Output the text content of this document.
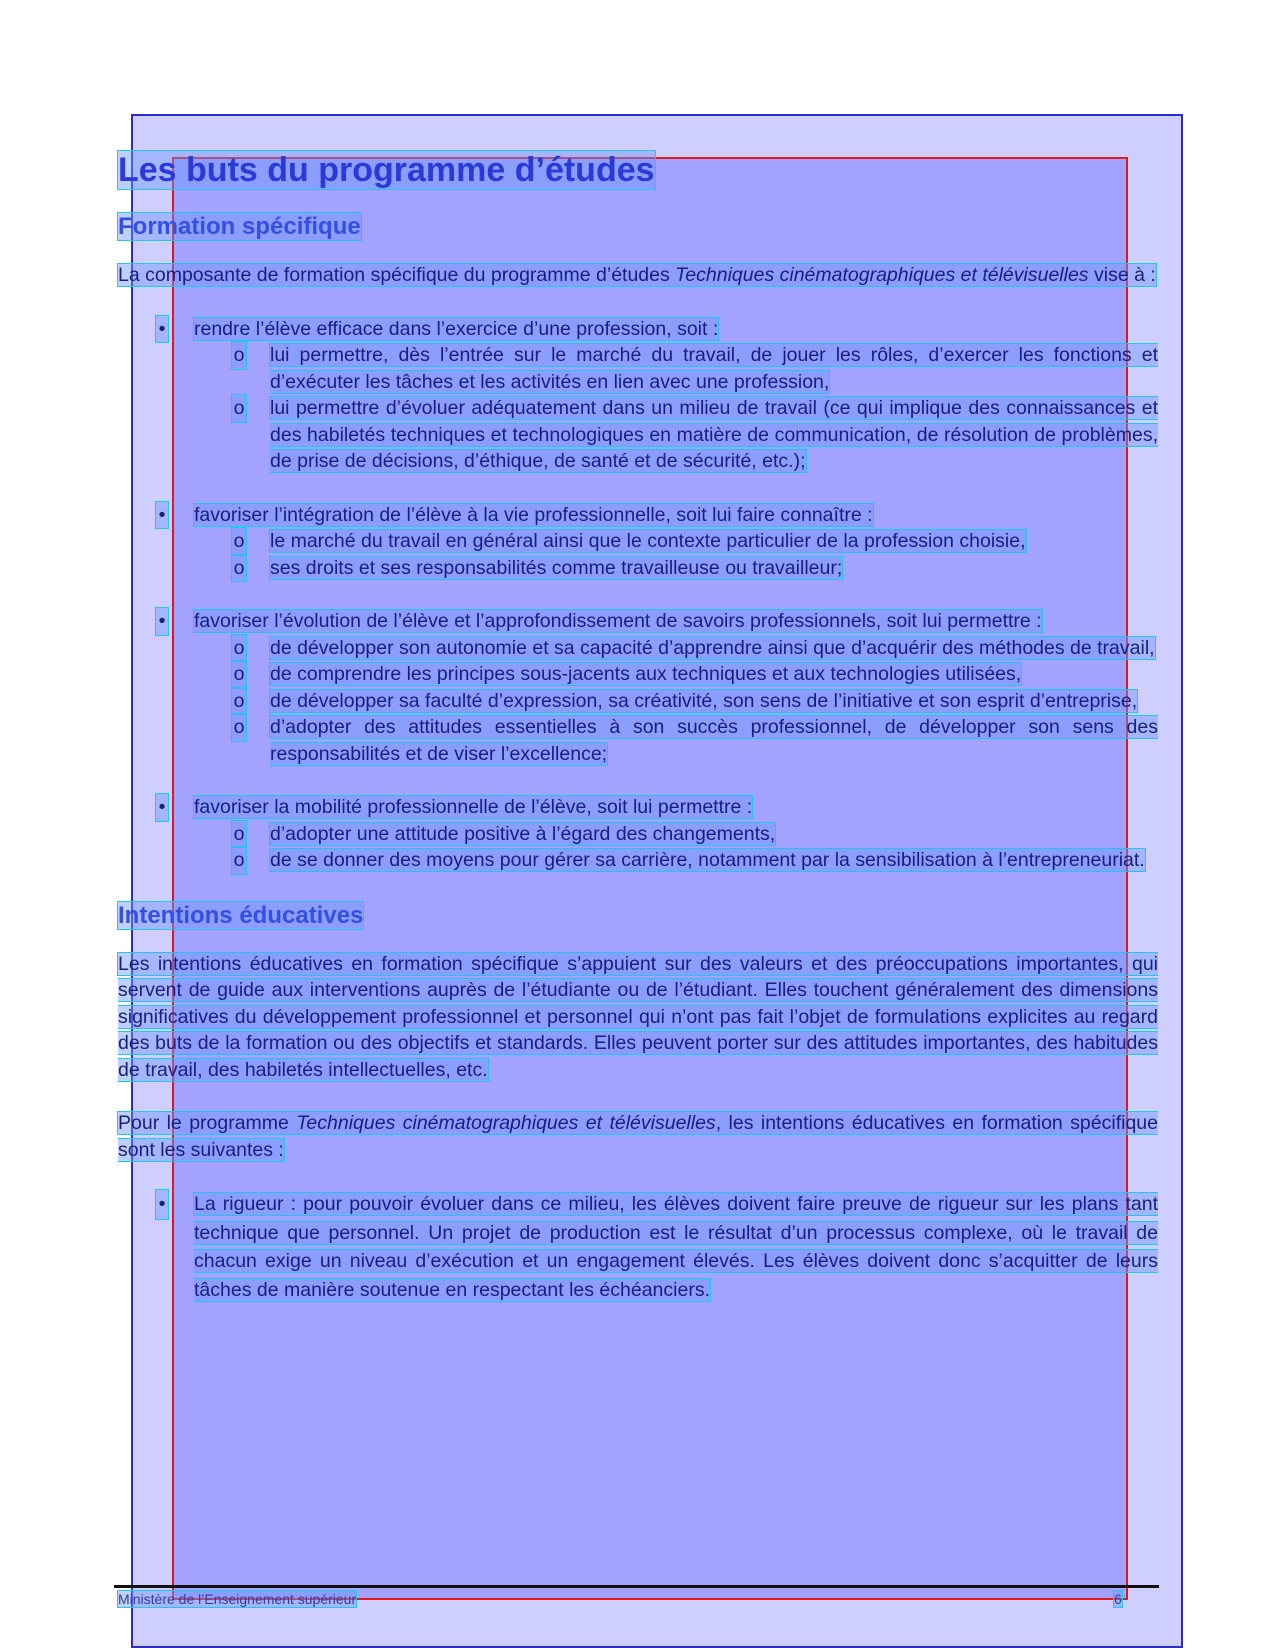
Les buts du programme d’études
Formation spécifique

La composante de formation spécifique du programme d’études Techniques cinématographiques et télévisuelles vise à :

• rendre l’élève efficace dans l’exercice d’une profession, soit :
o lui permettre, dès l’entrée sur le marché du travail, de jouer les rôles, d’exercer les fonctions et d’exécuter les tâches et les activités en lien avec une profession,
o lui permettre d’évoluer adéquatement dans un milieu de travail (ce qui implique des connaissances et des habiletés techniques et technologiques en matière de communication, de résolution de problèmes, de prise de décisions, d’éthique, de santé et de sécurité, etc.);
• favoriser l’intégration de l’élève à la vie professionnelle, soit lui faire connaître :
o le marché du travail en général ainsi que le contexte particulier de la profession choisie,
o ses droits et ses responsabilités comme travailleuse ou travailleur;
• favoriser l’évolution de l’élève et l’approfondissement de savoirs professionnels, soit lui permettre :
o de développer son autonomie et sa capacité d’apprendre ainsi que d’acquérir des méthodes de travail,
o de comprendre les principes sous-jacents aux techniques et aux technologies utilisées,
o de développer sa faculté d’expression, sa créativité, son sens de l’initiative et son esprit d’entreprise,
o d’adopter des attitudes essentielles à son succès professionnel, de développer son sens des responsabilités et de viser l’excellence;
• favoriser la mobilité professionnelle de l’élève, soit lui permettre :
o d’adopter une attitude positive à l’égard des changements,
o de se donner des moyens pour gérer sa carrière, notamment par la sensibilisation à l’entrepreneuriat.
Intentions éducatives

Les intentions éducatives en formation spécifique s’appuient sur des valeurs et des préoccupations importantes, qui servent de guide aux interventions auprès de l’étudiante ou de l’étudiant. Elles touchent généralement des dimensions significatives du développement professionnel et personnel qui n’ont pas fait l’objet de formulations explicites au regard des buts de la formation ou des objectifs et standards. Elles peuvent porter sur des attitudes importantes, des habitudes de travail, des habiletés intellectuelles, etc.

Pour le programme Techniques cinématographiques et télévisuelles, les intentions éducatives en formation spécifique sont les suivantes :

• La rigueur : pour pouvoir évoluer dans ce milieu, les élèves doivent faire preuve de rigueur sur les plans tant technique que personnel. Un projet de production est le résultat d’un processus complexe, où le travail de chacun exige un niveau d’exécution et un engagement élevés. Les élèves doivent donc s’acquitter de leurs tâches de manière soutenue en respectant les échéanciers.
Ministère de l’Enseignement supérieur	6
